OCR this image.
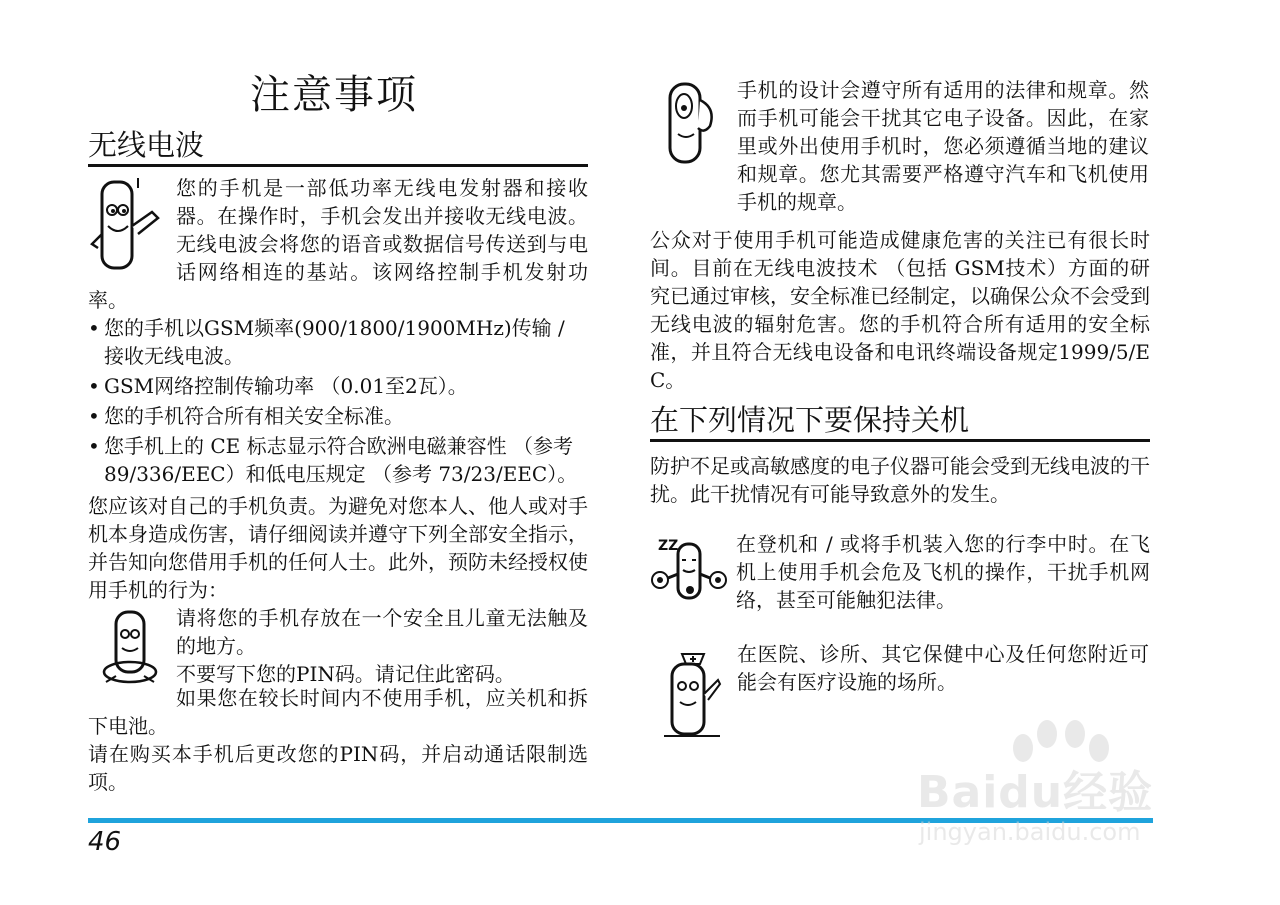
注意事项
无线电波
您的手机是一部低功率无线电发射器和接收器。在操作时，手机会发出并接收无线电波。无线电波会将您的语音或数据信号传送到与电话网络相连的基站。该网络控制手机发射功率。
• 您的手机以GSM频率(900/1800/1900MHz)传输 / 接收无线电波。
• GSM网络控制传输功率 （0.01至2瓦）。
• 您的手机符合所有相关安全标准。
• 您手机上的 CE 标志显示符合欧洲电磁兼容性 （参考 89/336/EEC）和低电压规定 （参考 73/23/EEC）。
您应该对自己的手机负责。为避免对您本人、他人或对手机本身造成伤害，请仔细阅读并遵守下列全部安全指示，并告知向您借用手机的任何人士。此外，预防未经授权使用手机的行为：
请将您的手机存放在一个安全且儿童无法触及的地方。
不要写下您的PIN码。请记住此密码。
如果您在较长时间内不使用手机，应关机和拆下电池。
请在购买本手机后更改您的PIN码，并启动通话限制选项。
手机的设计会遵守所有适用的法律和规章。然而手机可能会干扰其它电子设备。因此，在家里或外出使用手机时，您必须遵循当地的建议和规章。您尤其需要严格遵守汽车和飞机使用手机的规章。
公众对于使用手机可能造成健康危害的关注已有很长时间。目前在无线电波技术 （包括 GSM技术）方面的研究已通过审核，安全标准已经制定，以确保公众不会受到无线电波的辐射危害。您的手机符合所有适用的安全标准，并且符合无线电设备和电讯终端设备规定1999/5/EC。
在下列情况下要保持关机
防护不足或高敏感度的电子仪器可能会受到无线电波的干扰。此干扰情况有可能导致意外的发生。
ZZ	在登机和 / 或将手机装入您的行李中时。在飞机上使用手机会危及飞机的操作，干扰手机网络，甚至可能触犯法律。
在医院、诊所、其它保健中心及任何您附近可能会有医疗设施的场所。
46
Baidu经验
jingyan.baidu.com
